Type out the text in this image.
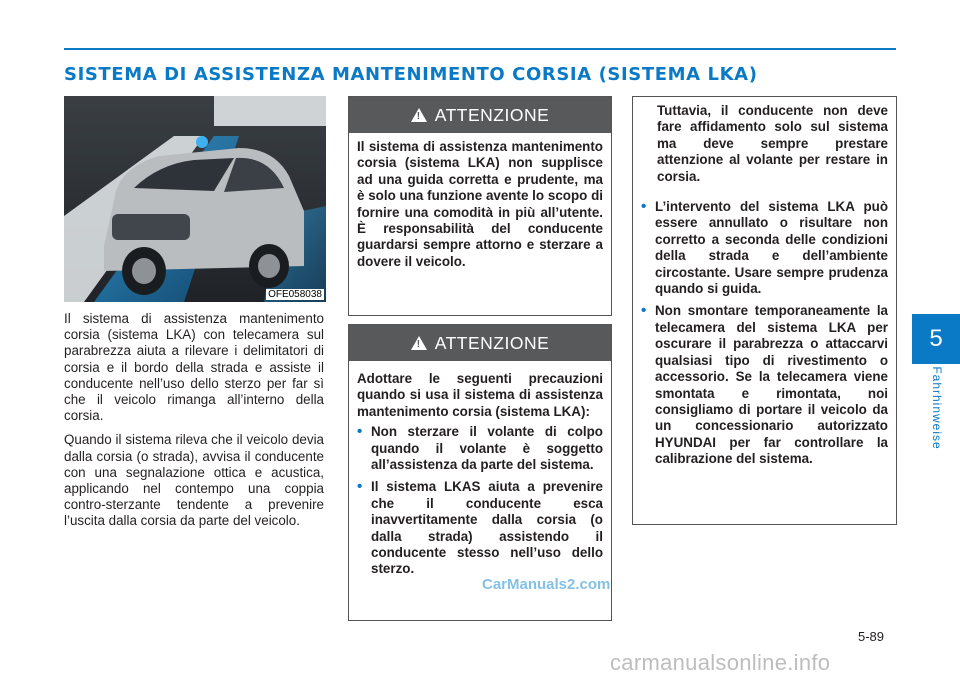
SISTEMA DI ASSISTENZA MANTENIMENTO CORSIA (SISTEMA LKA)
5
Fahrhinweise
OFE058038

Il sistema di assistenza mantenimento corsia (sistema LKA) con telecamera sul parabrezza aiuta a rilevare i delimitatori di corsia e il bordo della strada e assiste il conducente nell’uso dello sterzo per far sì che il veicolo rimanga all’interno della corsia.

Quando il sistema rileva che il veicolo devia dalla corsia (o strada), avvisa il conducente con una segnalazione ottica e acustica, applicando nel contempo una coppia contro-sterzante tendente a prevenire l’uscita dalla corsia da parte del veicolo.

! ATTENZIONE

Il sistema di assistenza mantenimento corsia (sistema LKA) non supplisce ad una guida corretta e prudente, ma è solo una funzione avente lo scopo di fornire una comodità in più all’utente. È responsabilità del conducente guardarsi sempre attorno e sterzare a dovere il veicolo.

! ATTENZIONE

Adottare le seguenti precauzioni quando si usa il sistema di assistenza mantenimento corsia (sistema LKA):

• Non sterzare il volante di colpo quando il volante è soggetto all’assistenza da parte del sistema.
• Il sistema LKAS aiuta a prevenire che il conducente esca inavvertitamente dalla corsia (o dalla strada) assistendo il conducente stesso nell’uso dello sterzo.

Tuttavia, il conducente non deve fare affidamento solo sul sistema ma deve sempre prestare attenzione al volante per restare in corsia.

• L’intervento del sistema LKA può essere annullato o risultare non corretto a seconda delle condizioni della strada e dell’ambiente circostante. Usare sempre prudenza quando si guida.
• Non smontare temporaneamente la telecamera del sistema LKA per oscurare il parabrezza o attaccarvi qualsiasi tipo di rivestimento o accessorio. Se la telecamera viene smontata e rimontata, noi consigliamo di portare il veicolo da un concessionario autorizzato HYUNDAI per far controllare la calibrazione del sistema.
CarManuals2.com
5-89
carmanualsonline.info
